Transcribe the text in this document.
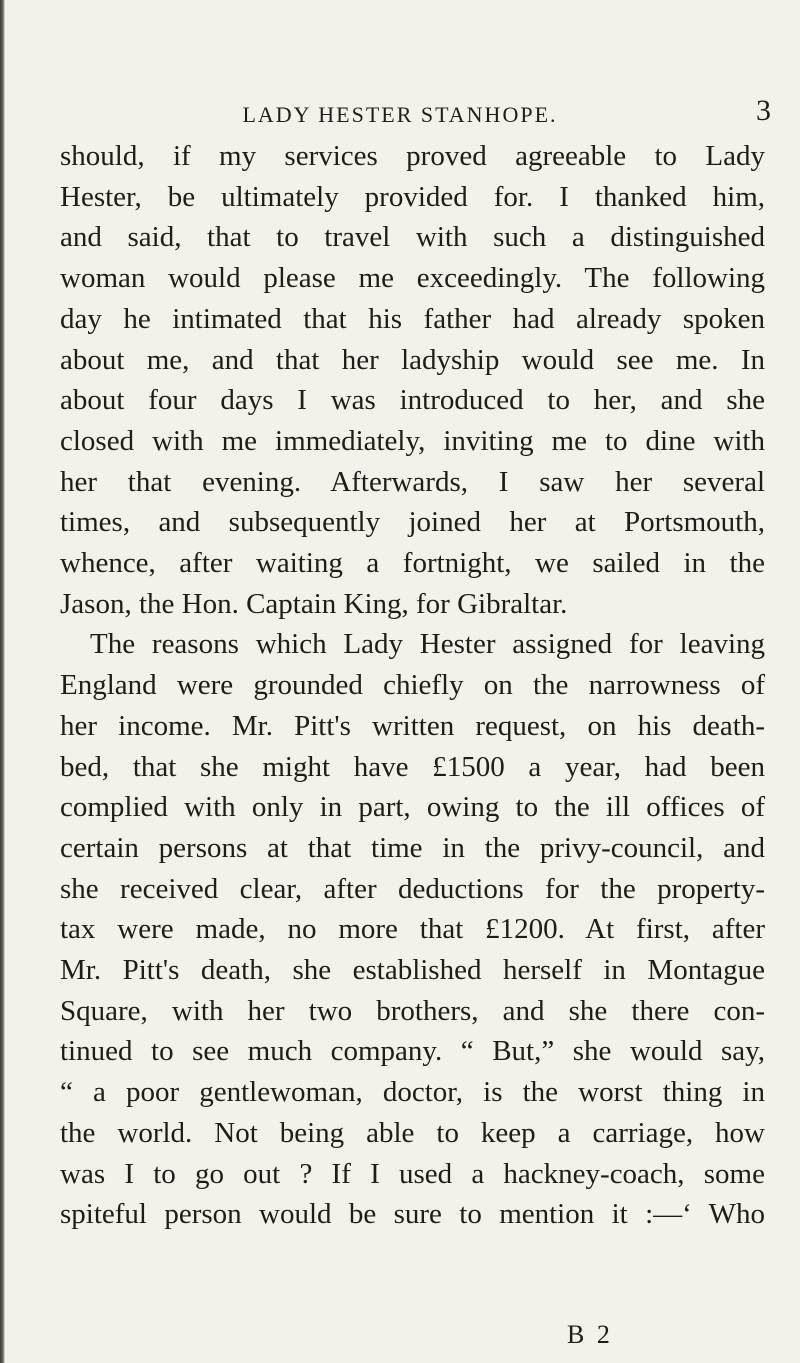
LADY HESTER STANHOPE.	3
should, if my services proved agreeable to Lady
Hester, be ultimately provided for. I thanked him,
and said, that to travel with such a distinguished
woman would please me exceedingly. The following
day he intimated that his father had already spoken
about me, and that her ladyship would see me. In
about four days I was introduced to her, and she
closed with me immediately, inviting me to dine with
her that evening. Afterwards, I saw her several
times, and subsequently joined her at Portsmouth,
whence, after waiting a fortnight, we sailed in the
Jason, the Hon. Captain King, for Gibraltar.
The reasons which Lady Hester assigned for leaving
England were grounded chiefly on the narrowness of
her income. Mr. Pitt's written request, on his death-
bed, that she might have £1500 a year, had been
complied with only in part, owing to the ill offices of
certain persons at that time in the privy-council, and
she received clear, after deductions for the property-
tax were made, no more that £1200. At first, after
Mr. Pitt's death, she established herself in Montague
Square, with her two brothers, and she there con-
tinued to see much company. “ But,” she would say,
“ a poor gentlewoman, doctor, is the worst thing in
the world. Not being able to keep a carriage, how
was I to go out ? If I used a hackney-coach, some
spiteful person would be sure to mention it :—‘ Who
B 2
